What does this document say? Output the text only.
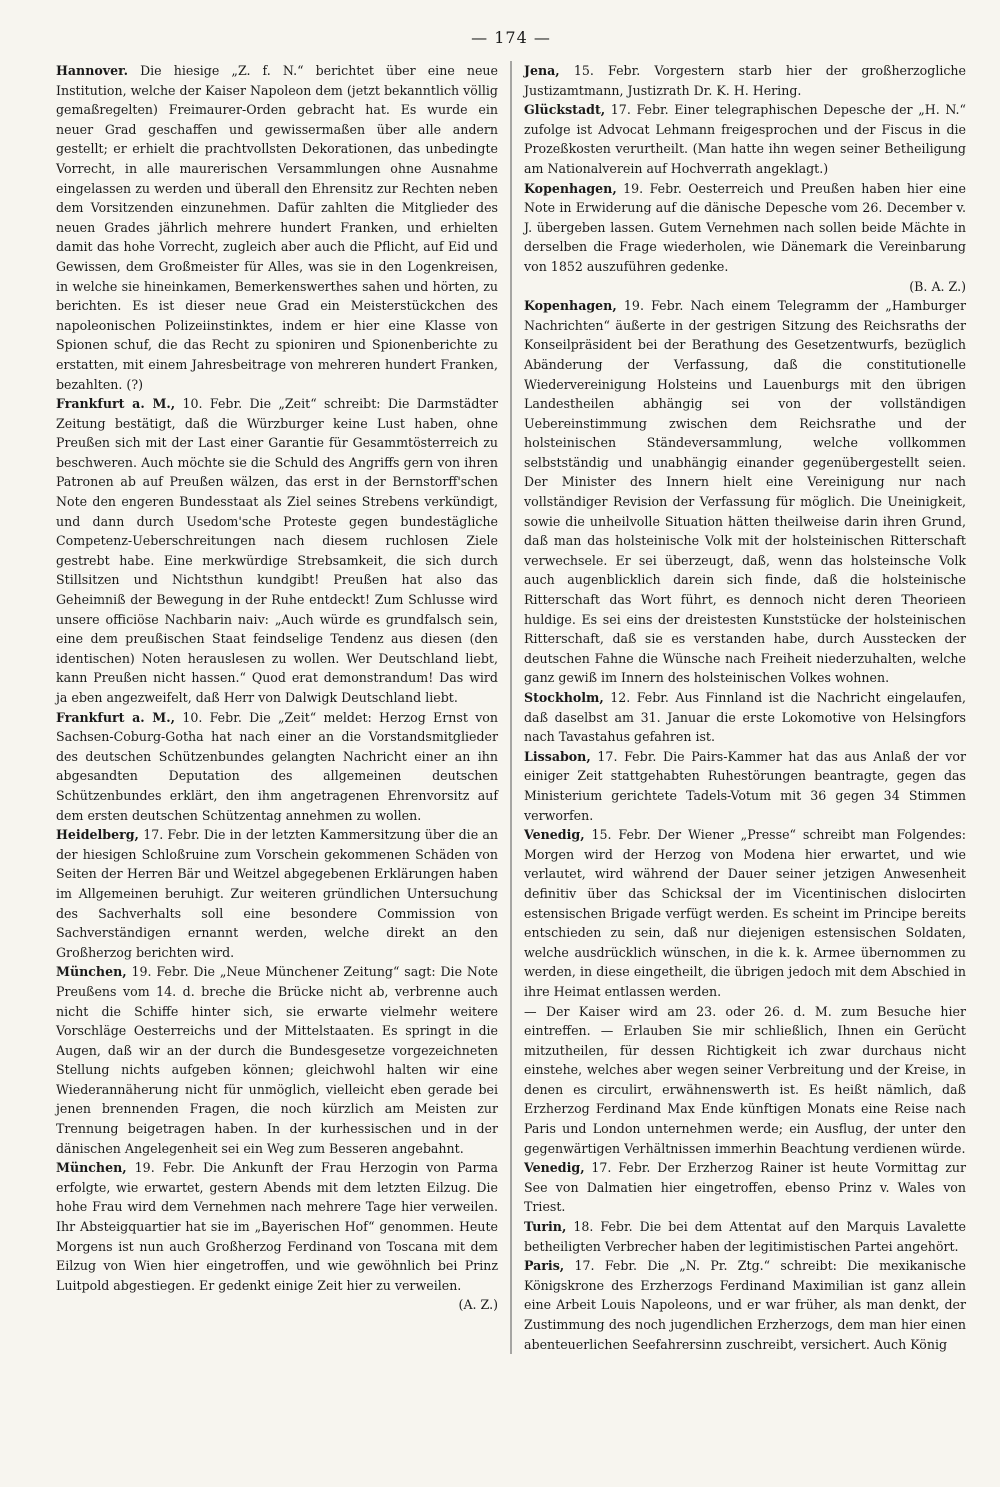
— 174 —

Hannover. Die hiesige „Z. f. N.“ berichtet über eine neue Institution, welche der Kaiser Napoleon dem (jetzt bekanntlich völlig gemaßregelten) Freimaurer-Orden gebracht hat. Es wurde ein neuer Grad geschaffen und gewissermaßen über alle andern gestellt; er erhielt die prachtvollsten Dekorationen, das unbedingte Vorrecht, in alle maurerischen Versammlungen ohne Ausnahme eingelassen zu werden und überall den Ehrensitz zur Rechten neben dem Vorsitzenden einzunehmen. Dafür zahlten die Mitglieder des neuen Grades jährlich mehrere hundert Franken, und erhielten damit das hohe Vorrecht, zugleich aber auch die Pflicht, auf Eid und Gewissen, dem Großmeister für Alles, was sie in den Logenkreisen, in welche sie hineinkamen, Bemerkenswerthes sahen und hörten, zu berichten. Es ist dieser neue Grad ein Meisterstückchen des napoleonischen Polizeiinstinktes, indem er hier eine Klasse von Spionen schuf, die das Recht zu spioniren und Spionenberichte zu erstatten, mit einem Jahresbeitrage von mehreren hundert Franken, bezahlten. (?)

Frankfurt a. M., 10. Febr. Die „Zeit“ schreibt: Die Darmstädter Zeitung bestätigt, daß die Würzburger keine Lust haben, ohne Preußen sich mit der Last einer Garantie für Gesammtösterreich zu beschweren. Auch möchte sie die Schuld des Angriffs gern von ihren Patronen ab auf Preußen wälzen, das erst in der Bernstorff'schen Note den engeren Bundesstaat als Ziel seines Strebens verkündigt, und dann durch Usedom'sche Proteste gegen bundestägliche Competenz-Ueberschreitungen nach diesem ruchlosen Ziele gestrebt habe. Eine merkwürdige Strebsamkeit, die sich durch Stillsitzen und Nichtsthun kundgibt! Preußen hat also das Geheimniß der Bewegung in der Ruhe entdeckt! Zum Schlusse wird unsere officiöse Nachbarin naiv: „Auch würde es grundfalsch sein, eine dem preußischen Staat feindselige Tendenz aus diesen (den identischen) Noten herauslesen zu wollen. Wer Deutschland liebt, kann Preußen nicht hassen.“ Quod erat demonstrandum! Das wird ja eben angezweifelt, daß Herr von Dalwigk Deutschland liebt.

Frankfurt a. M., 10. Febr. Die „Zeit“ meldet: Herzog Ernst von Sachsen-Coburg-Gotha hat nach einer an die Vorstandsmitglieder des deutschen Schützenbundes gelangten Nachricht einer an ihn abgesandten Deputation des allgemeinen deutschen Schützenbundes erklärt, den ihm angetragenen Ehrenvorsitz auf dem ersten deutschen Schützentag annehmen zu wollen.

Heidelberg, 17. Febr. Die in der letzten Kammersitzung über die an der hiesigen Schloßruine zum Vorschein gekommenen Schäden von Seiten der Herren Bär und Weitzel abgegebenen Erklärungen haben im Allgemeinen beruhigt. Zur weiteren gründlichen Untersuchung des Sachverhalts soll eine besondere Commission von Sachverständigen ernannt werden, welche direkt an den Großherzog berichten wird.

München, 19. Febr. Die „Neue Münchener Zeitung“ sagt: Die Note Preußens vom 14. d. breche die Brücke nicht ab, verbrenne auch nicht die Schiffe hinter sich, sie erwarte vielmehr weitere Vorschläge Oesterreichs und der Mittelstaaten. Es springt in die Augen, daß wir an der durch die Bundesgesetze vorgezeichneten Stellung nichts aufgeben können; gleichwohl halten wir eine Wiederannäherung nicht für unmöglich, vielleicht eben gerade bei jenen brennenden Fragen, die noch kürzlich am Meisten zur Trennung beigetragen haben. In der kurhessischen und in der dänischen Angelegenheit sei ein Weg zum Besseren angebahnt.

München, 19. Febr. Die Ankunft der Frau Herzogin von Parma erfolgte, wie erwartet, gestern Abends mit dem letzten Eilzug. Die hohe Frau wird dem Vernehmen nach mehrere Tage hier verweilen. Ihr Absteigquartier hat sie im „Bayerischen Hof“ genommen. Heute Morgens ist nun auch Großherzog Ferdinand von Toscana mit dem Eilzug von Wien hier eingetroffen, und wie gewöhnlich bei Prinz Luitpold abgestiegen. Er gedenkt einige Zeit hier zu verweilen.
(A. Z.)

Jena, 15. Febr. Vorgestern starb hier der großherzogliche Justizamtmann, Justizrath Dr. K. H. Hering.

Glückstadt, 17. Febr. Einer telegraphischen Depesche der „H. N.“ zufolge ist Advocat Lehmann freigesprochen und der Fiscus in die Prozeßkosten verurtheilt. (Man hatte ihn wegen seiner Betheiligung am Nationalverein auf Hochverrath angeklagt.)

Kopenhagen, 19. Febr. Oesterreich und Preußen haben hier eine Note in Erwiderung auf die dänische Depesche vom 26. December v. J. übergeben lassen. Gutem Vernehmen nach sollen beide Mächte in derselben die Frage wiederholen, wie Dänemark die Vereinbarung von 1852 auszuführen gedenke.
(B. A. Z.)

Kopenhagen, 19. Febr. Nach einem Telegramm der „Hamburger Nachrichten“ äußerte in der gestrigen Sitzung des Reichsraths der Konseilpräsident bei der Berathung des Gesetzentwurfs, bezüglich Abänderung der Verfassung, daß die constitutionelle Wiedervereinigung Holsteins und Lauenburgs mit den übrigen Landestheilen abhängig sei von der vollständigen Uebereinstimmung zwischen dem Reichsrathe und der holsteinischen Ständeversammlung, welche vollkommen selbstständig und unabhängig einander gegenübergestellt seien. Der Minister des Innern hielt eine Vereinigung nur nach vollständiger Revision der Verfassung für möglich. Die Uneinigkeit, sowie die unheilvolle Situation hätten theilweise darin ihren Grund, daß man das holsteinische Volk mit der holsteinischen Ritterschaft verwechsele. Er sei überzeugt, daß, wenn das holsteinsche Volk auch augenblicklich darein sich finde, daß die holsteinische Ritterschaft das Wort führt, es dennoch nicht deren Theorieen huldige. Es sei eins der dreistesten Kunststücke der holsteinischen Ritterschaft, daß sie es verstanden habe, durch Ausstecken der deutschen Fahne die Wünsche nach Freiheit niederzuhalten, welche ganz gewiß im Innern des holsteinischen Volkes wohnen.

Stockholm, 12. Febr. Aus Finnland ist die Nachricht eingelaufen, daß daselbst am 31. Januar die erste Lokomotive von Helsingfors nach Tavastahus gefahren ist.

Lissabon, 17. Febr. Die Pairs-Kammer hat das aus Anlaß der vor einiger Zeit stattgehabten Ruhestörungen beantragte, gegen das Ministerium gerichtete Tadels-Votum mit 36 gegen 34 Stimmen verworfen.

Venedig, 15. Febr. Der Wiener „Presse“ schreibt man Folgendes: Morgen wird der Herzog von Modena hier erwartet, und wie verlautet, wird während der Dauer seiner jetzigen Anwesenheit definitiv über das Schicksal der im Vicentinischen dislocirten estensischen Brigade verfügt werden. Es scheint im Principe bereits entschieden zu sein, daß nur diejenigen estensischen Soldaten, welche ausdrücklich wünschen, in die k. k. Armee übernommen zu werden, in diese eingetheilt, die übrigen jedoch mit dem Abschied in ihre Heimat entlassen werden.

— Der Kaiser wird am 23. oder 26. d. M. zum Besuche hier eintreffen. — Erlauben Sie mir schließlich, Ihnen ein Gerücht mitzutheilen, für dessen Richtigkeit ich zwar durchaus nicht einstehe, welches aber wegen seiner Verbreitung und der Kreise, in denen es circulirt, erwähnenswerth ist. Es heißt nämlich, daß Erzherzog Ferdinand Max Ende künftigen Monats eine Reise nach Paris und London unternehmen werde; ein Ausflug, der unter den gegenwärtigen Verhältnissen immerhin Beachtung verdienen würde.

Venedig, 17. Febr. Der Erzherzog Rainer ist heute Vormittag zur See von Dalmatien hier eingetroffen, ebenso Prinz v. Wales von Triest.

Turin, 18. Febr. Die bei dem Attentat auf den Marquis Lavalette betheiligten Verbrecher haben der legitimistischen Partei angehört.

Paris, 17. Febr. Die „N. Pr. Ztg.“ schreibt: Die mexikanische Königskrone des Erzherzogs Ferdinand Maximilian ist ganz allein eine Arbeit Louis Napoleons, und er war früher, als man denkt, der Zustimmung des noch jugendlichen Erzherzogs, dem man hier einen abenteuerlichen Seefahrersinn zuschreibt, versichert. Auch König
